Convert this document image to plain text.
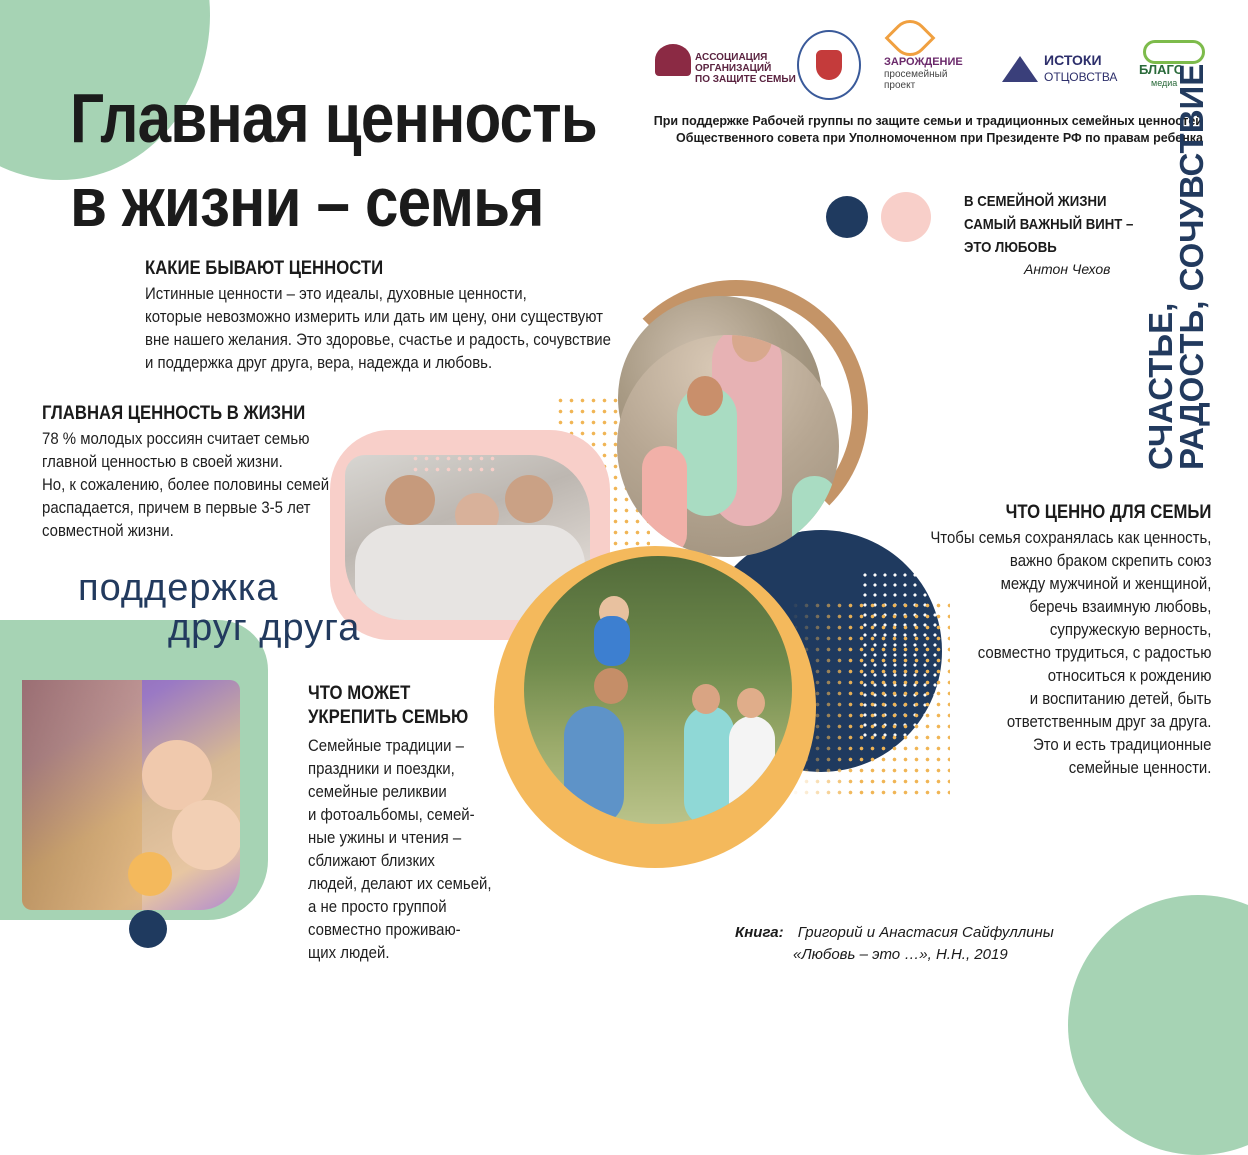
АССОЦИАЦИЯ
ОРГАНИЗАЦИЙ
ПО ЗАЩИТЕ СЕМЬИ
ЗАРОЖДЕНИЕ
просемейный
проект
ИСТОКИ
ОТЦОВСТВА БЛАГО
медиа
При поддержке Рабочей группы по защите семьи и традиционных семейных ценностей
Общественного совета при Уполномоченном при Президенте РФ по правам ребенка
Главная ценность
в жизни – семья	В СЕМЕЙНОЙ ЖИЗНИ
САМЫЙ ВАЖНЫЙ ВИНТ –
ЭТО ЛЮБОВЬ
Антон Чехов
СЧАСТЬЕ,
РАДОСТЬ, СОЧУВСТВИЕ
КАКИЕ БЫВАЮТ ЦЕННОСТИ
Истинные ценности – это идеалы, духовные ценности,
которые невозможно измерить или дать им цену, они существуют
вне нашего желания. Это здоровье, счастье и радость, сочувствие
и поддержка друг друга, вера, надежда и любовь.
ГЛАВНАЯ ЦЕННОСТЬ В ЖИЗНИ
78 % молодых россиян считает семью
главной ценностью в своей жизни.
Но, к сожалению, более половины семей
распадается, причем в первые 3-5 лет
совместной жизни.
поддержка
друг друга
ЧТО МОЖЕТ
УКРЕПИТЬ СЕМЬЮ
Семейные традиции –
праздники и поездки,
семейные реликвии
и фотоальбомы, семей-
ные ужины и чтения –
сближают близких
людей, делают их семьей,
а не просто группой
совместно проживаю-
щих людей.
ЧТО ЦЕННО ДЛЯ СЕМЬИ
Чтобы семья сохранялась как ценность,
важно браком скрепить союз
между мужчиной и женщиной,
беречь взаимную любовь,
супружескую верность,
совместно трудиться, с радостью
относиться к рождению
и воспитанию детей, быть
ответственным друг за друга.
Это и есть традиционные
семейные ценности.
Книга: Григорий и Анастасия Сайфуллины
«Любовь – это …», Н.Н., 2019
